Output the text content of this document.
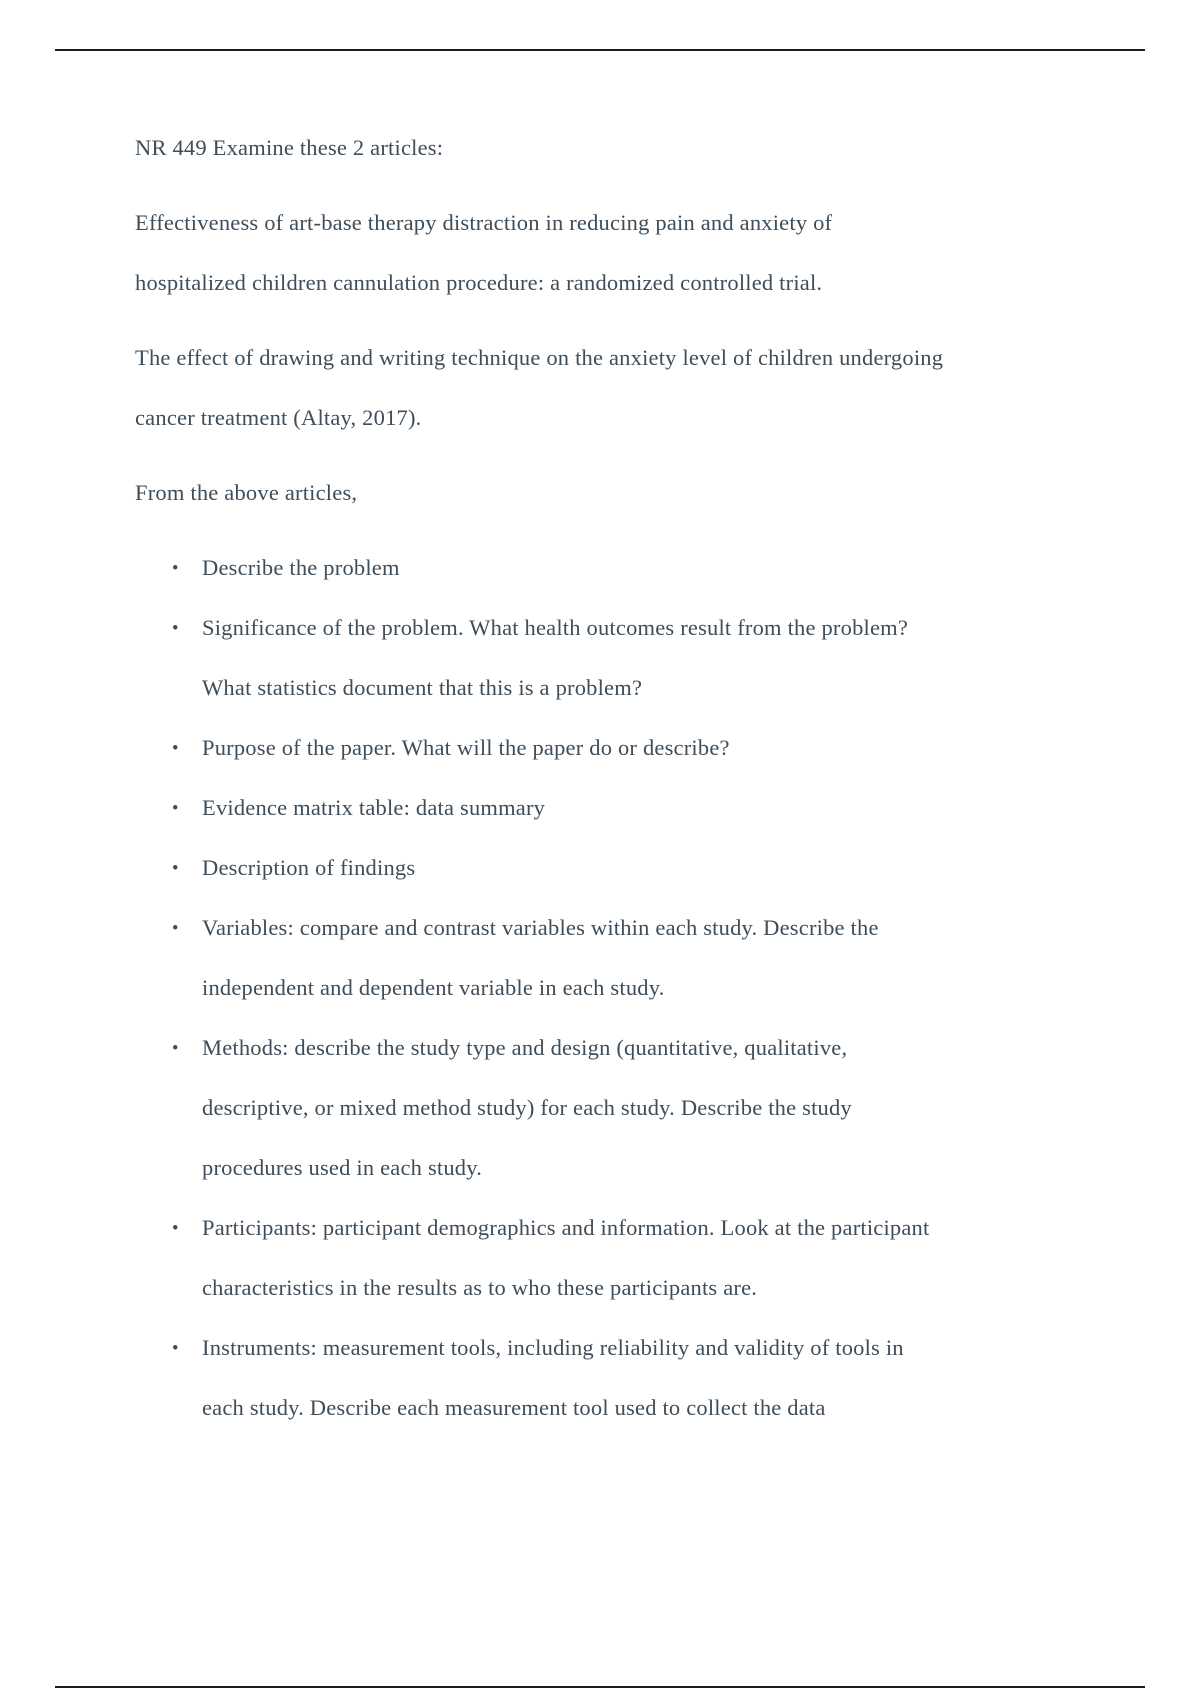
NR 449 Examine these 2 articles:

Effectiveness of art-base therapy distraction in reducing pain and anxiety of hospitalized children cannulation procedure: a randomized controlled trial.

The effect of drawing and writing technique on the anxiety level of children undergoing cancer treatment (Altay, 2017).

From the above articles,

• Describe the problem
• Significance of the problem. What health outcomes result from the problem? What statistics document that this is a problem?
• Purpose of the paper. What will the paper do or describe?
• Evidence matrix table: data summary
• Description of findings
• Variables: compare and contrast variables within each study. Describe the independent and dependent variable in each study.
• Methods: describe the study type and design (quantitative, qualitative, descriptive, or mixed method study) for each study. Describe the study procedures used in each study.
• Participants: participant demographics and information. Look at the participant characteristics in the results as to who these participants are.
• Instruments: measurement tools, including reliability and validity of tools in each study. Describe each measurement tool used to collect the data
